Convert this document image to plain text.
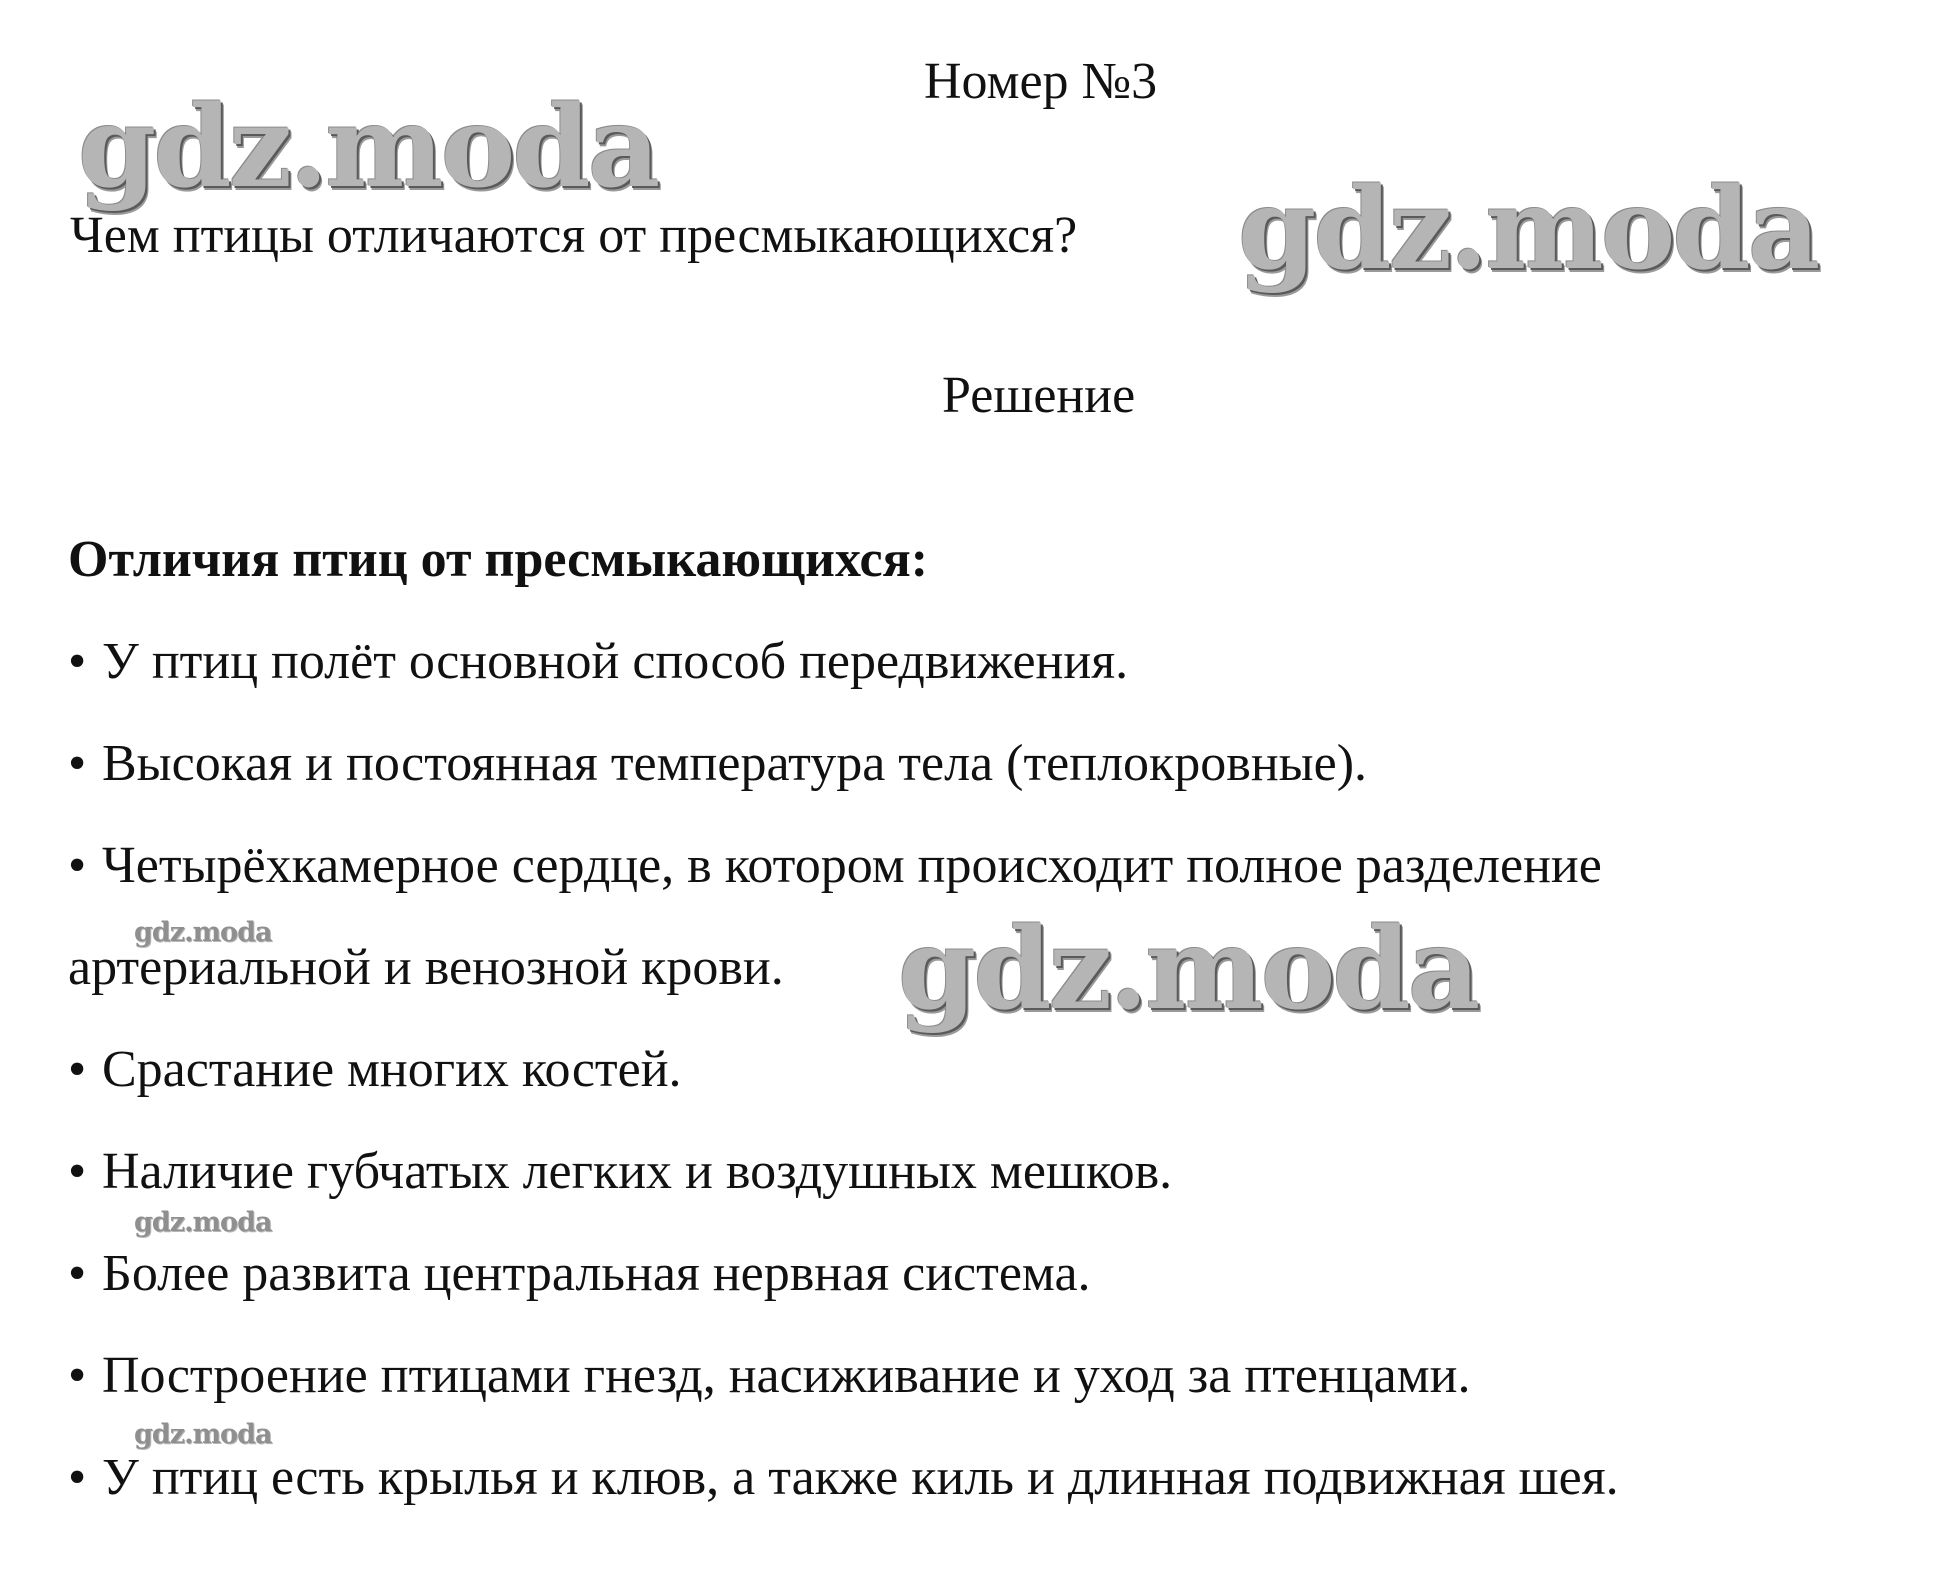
gdz.moda
gdz.moda
gdz.moda
gdz.moda
gdz.moda
gdz.moda
Номер №3
Чем птицы отличаются от пресмыкающихся?
Решение
Отличия птиц от пресмыкающихся:
• У птиц полёт основной способ передвижения.
• Высокая и постоянная температура тела (теплокровные).
• Четырёхкамерное сердце, в котором происходит полное разделение
артериальной и венозной крови.
• Срастание многих костей.
• Наличие губчатых легких и воздушных мешков.
• Более развита центральная нервная система.
• Построение птицами гнезд, насиживание и уход за птенцами.
• У птиц есть крылья и клюв, а также киль и длинная подвижная шея.
